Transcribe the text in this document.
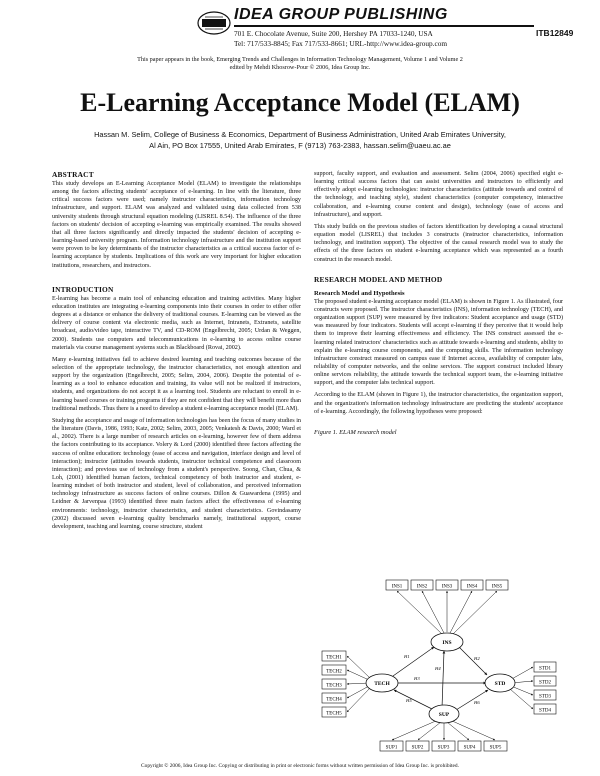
IDEA GROUP PUBLISHING
701 E. Chocolate Avenue, Suite 200, Hershey PA 17033-1240, USA
Tel: 717/533-8845; Fax 717/533-8661; URL-http://www.idea-group.com
ITB12849
This paper appears in the book, Emerging Trends and Challenges in Information Technology Management, Volume 1 and Volume 2
edited by Mehdi Khosrow-Pour © 2006, Idea Group Inc.
E-Learning Acceptance Model (ELAM)
Hassan M. Selim, College of Business & Economics, Department of Business Administration, United Arab Emirates University,
Al Ain, PO Box 17555, United Arab Emirates, F (9713) 763-2383, hassan.selim@uaeu.ac.ae
ABSTRACT

This study develops an E-Learning Acceptance Model (ELAM) to investigate the relationships among the factors affecting students' acceptance of e-learning. In line with the literature, three critical success factors were used; namely instructor characteristics, information technology infrastructure, and support. ELAM was analyzed and validated using data collected from 538 university students through structural equation modeling (LISREL 8.54). The influence of the three factors on students' decision of accepting e-learning was empirically examined. The results showed that all three factors significantly and directly impacted the students' decision of accepting e-learning-based university program. Information technology infrastructure and the institution support were proven to be key determinants of the instructor characteristics as a critical success factor of e-learning acceptance by students. Implications of this work are very important for higher education institutions, researchers, and instructors.

INTRODUCTION

E-learning has become a main tool of enhancing education and training activities. Many higher education institutes are integrating e-learning components into their courses in order to either offer degrees at a distance or enhance the delivery of traditional courses. E-learning can be viewed as the delivery of course content via electronic media, such as Internet, Intranets, Extranets, satellite broadcast, audio/video tape, interactive TV, and CD-ROM (Engelbrecht, 2005; Urdan & Weggen, 2000). Students use computers and telecommunications in e-learning to access online course materials via course management systems such as Blackboard (Rovai, 2002).

Many e-learning initiatives fail to achieve desired learning and teaching outcomes because of the selection of the appropriate technology, the instructor characteristics, not enough attention and support by the organization (Engelbrecht, 2005; Selim, 2004, 2006). Despite the potential of e-learning as a tool to enhance education and training, its value will not be realized if instructors, students, and organizations do not accept it as a learning tool. Students are reluctant to enroll in e-learning based courses or training programs if they are not confident that they will benefit more than traditional methods. Thus there is a need to develop a student e-learning acceptance model (ELAM).

Studying the acceptance and usage of information technologies has been the focus of many studies in the literature (Davis, 1986, 1993; Katz, 2002; Selim, 2003, 2005; Venkatesh & Davis, 2000; Ward et al., 2002). There is a large number of research articles on e-learning, however few of them address the factors contributing to its acceptance. Volery & Lord (2000) identified three factors affecting the success of online education: technology (ease of access and navigation, interface design and level of interaction); instructor (attitudes towards students, instructor technical competence and classroom interaction); and previous use of technology from a student's perspective. Soong, Chan, Chua, & Loh, (2001) identified human factors, technical competency of both instructor and student, e-learning mindset of both instructor and student, level of collaboration, and perceived information technology infrastructure as success factors of online courses. Dillon & Guawardena (1995) and Leidner & Jarvenpaa (1993) identified three main factors affect the effectiveness of e-learning environments: technology, instructor characteristics, and student characteristics. Govindasamy (2002) discussed seven e-learning quality benchmarks namely, institutional support, course development, teaching and learning, course structure, student

support, faculty support, and evaluation and assessment. Selim (2004, 2006) specified eight e-learning critical success factors that can assist universities and instructors to efficiently and effectively adopt e-learning technologies: instructor characteristics (attitude towards and control of the technology, and teaching style), student characteristics (computer competency, interactive collaboration, and e-learning course content and design), technology (ease of access and infrastructure), and support.

This study builds on the previous studies of factors identification by developing a causal structural equation model (LISREL) that includes 3 constructs (instructor characteristics, information technology, and institution support). The objective of the causal research model was to study the effects of the three factors on student e-learning acceptance which was represented as a fourth construct in the research model.

RESEARCH MODEL AND METHOD
Research Model and Hypothesis

The proposed student e-learning acceptance model (ELAM) is shown in Figure 1. As illustrated, four constructs were proposed. The instructor characteristics (INS), information technology (TECH), and organization support (SUP) were measured by five indicators: Student acceptance and usage (STD) was measured by four indicators. Students will accept e-learning if they perceive that it would help them to improve their learning effectiveness and efficiency. The INS construct assessed the e-learning related instructors' characteristics such as attitude towards e-learning and students, ability to explain the e-learning course components, and the computing skills. The information technology infrastructure construct measured on campus ease if Internet access, availability of computer labs, reliability of computer networks, and the online services. The support construct included library online services reliability, the attitude towards the technical support team, the e-learning initiative support, and the computer labs technical support.

According to the ELAM (shown in Figure 1), the instructor characteristics, the organization support, and the organization's information technology infrastructure are predicting the students' acceptance of e-learning. Accordingly, the following hypotheses were proposed:

Figure 1. ELAM research model
INS1	INS2	INS3	INS4	INS5
TECH1
TECH2
TECH3
TECH4
TECH5
STD1
STD2
STD3
STD4
SUP1	SUP2	SUP3	SUP4	SUP5
H1	H2
H3
H4
H5	H6
INS
TECH	STD
SUP
Copyright © 2006, Idea Group Inc. Copying or distributing in print or electronic forms without written permission of Idea Group Inc. is prohibited.
